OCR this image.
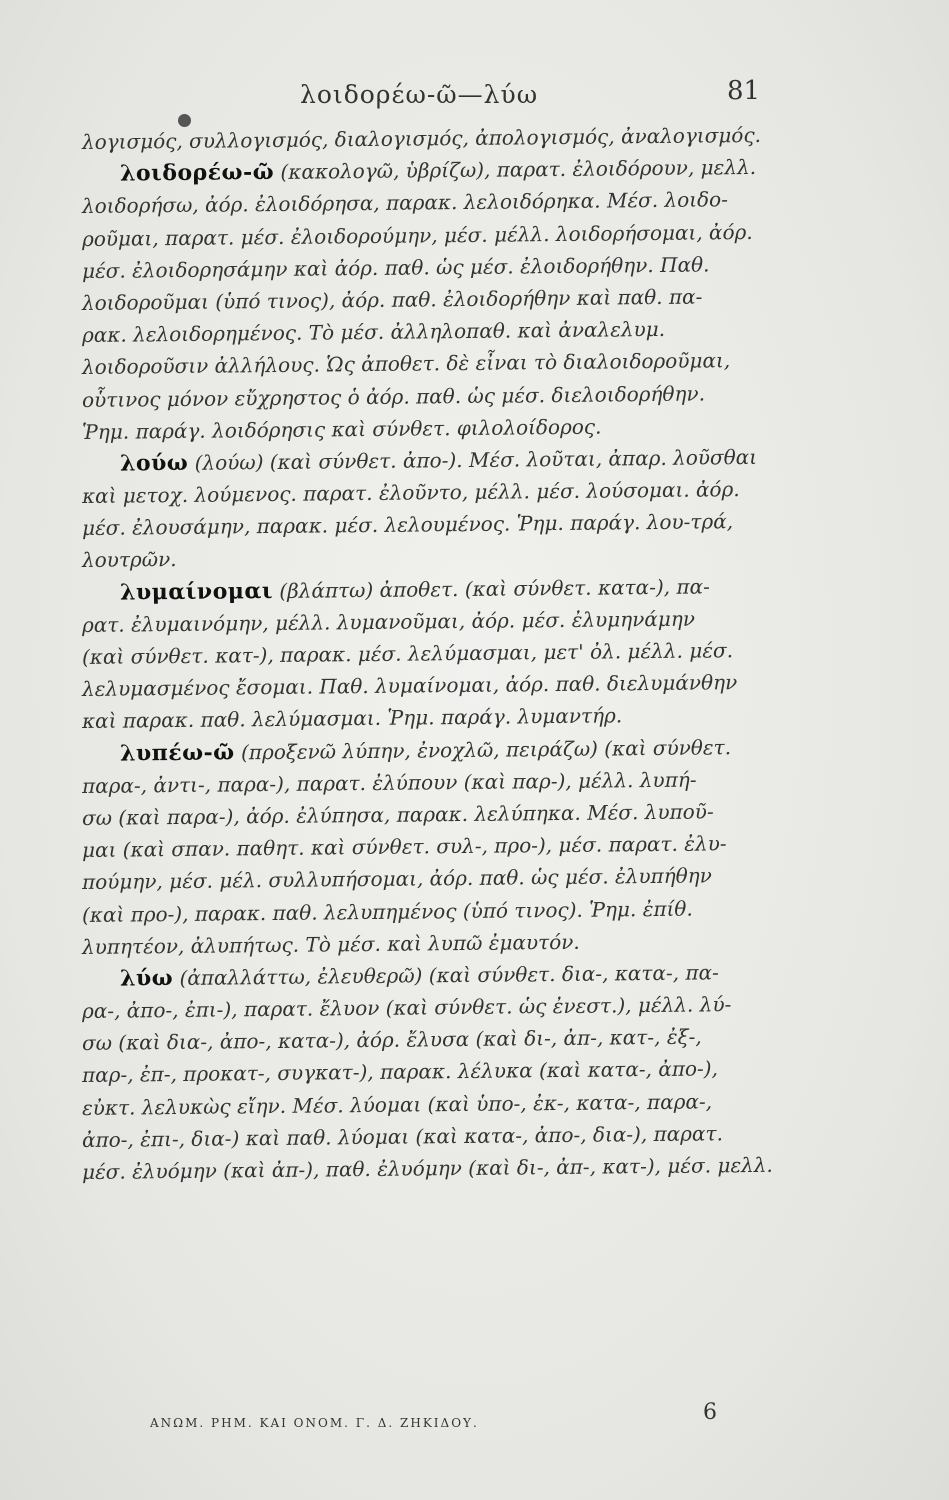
λοιδορέω-ῶ—λύω	81
λογισμός, συλλογισμός, διαλογισμός, ἀπολογισμός, ἀναλογισμός.
λοιδορέω-ῶ (κακολογῶ, ὑβρίζω), παρατ. ἐλοιδόρουν, μελλ.
λοιδορήσω, ἀόρ. ἐλοιδόρησα, παρακ. λελοιδόρηκα. Μέσ. λοιδο-
ροῦμαι, παρατ. μέσ. ἐλοιδορούμην, μέσ. μέλλ. λοιδορήσομαι, ἀόρ.
μέσ. ἐλοιδορησάμην καὶ ἀόρ. παθ. ὡς μέσ. ἐλοιδορήθην. Παθ.
λοιδοροῦμαι (ὑπό τινος), ἀόρ. παθ. ἐλοιδορήθην καὶ παθ. πα-
ρακ. λελοιδορημένος. Τὸ μέσ. ἀλληλοπαθ. καὶ ἀναλελυμ.
λοιδοροῦσιν ἀλλήλους. Ὡς ἀποθετ. δὲ εἶναι τὸ διαλοιδοροῦμαι,
οὗτινος μόνον εὔχρηστος ὁ ἀόρ. παθ. ὡς μέσ. διελοιδορήθην.
Ῥημ. παράγ. λοιδόρησις καὶ σύνθετ. φιλολοίδορος.
λούω (λούω) (καὶ σύνθετ. ἀπο-). Μέσ. λοῦται, ἀπαρ. λοῦσθαι
καὶ μετοχ. λούμενος. παρατ. ἐλοῦντο, μέλλ. μέσ. λούσομαι. ἀόρ.
μέσ. ἐλουσάμην, παρακ. μέσ. λελουμένος. Ῥημ. παράγ. λου-τρά,
λουτρῶν.
λυμαίνομαι (βλάπτω) ἀποθετ. (καὶ σύνθετ. κατα-), πα-
ρατ. ἐλυμαινόμην, μέλλ. λυμανοῦμαι, ἀόρ. μέσ. ἐλυμηνάμην
(καὶ σύνθετ. κατ-), παρακ. μέσ. λελύμασμαι, μετ' ὀλ. μέλλ. μέσ.
λελυμασμένος ἔσομαι. Παθ. λυμαίνομαι, ἀόρ. παθ. διελυμάνθην
καὶ παρακ. παθ. λελύμασμαι. Ῥημ. παράγ. λυμαντήρ.
λυπέω-ῶ (προξενῶ λύπην, ἐνοχλῶ, πειράζω) (καὶ σύνθετ.
παρα-, ἀντι-, παρα-), παρατ. ἐλύπουν (καὶ παρ-), μέλλ. λυπή-
σω (καὶ παρα-), ἀόρ. ἐλύπησα, παρακ. λελύπηκα. Μέσ. λυποῦ-
μαι (καὶ σπαν. παθητ. καὶ σύνθετ. συλ-, προ-), μέσ. παρατ. ἐλυ-
πούμην, μέσ. μέλ. συλλυπήσομαι, ἀόρ. παθ. ὡς μέσ. ἐλυπήθην
(καὶ προ-), παρακ. παθ. λελυπημένος (ὑπό τινος). Ῥημ. ἐπίθ.
λυπητέον, ἀλυπήτως. Τὸ μέσ. καὶ λυπῶ ἐμαυτόν.
λύω (ἀπαλλάττω, ἐλευθερῶ) (καὶ σύνθετ. δια-, κατα-, πα-
ρα-, ἀπο-, ἐπι-), παρατ. ἔλυον (καὶ σύνθετ. ὡς ἐνεστ.), μέλλ. λύ-
σω (καὶ δια-, ἀπο-, κατα-), ἀόρ. ἔλυσα (καὶ δι-, ἀπ-, κατ-, ἐξ-,
παρ-, ἐπ-, προκατ-, συγκατ-), παρακ. λέλυκα (καὶ κατα-, ἀπο-),
εὐκτ. λελυκὼς εἴην. Μέσ. λύομαι (καὶ ὑπο-, ἐκ-, κατα-, παρα-,
ἀπο-, ἐπι-, δια-) καὶ παθ. λύομαι (καὶ κατα-, ἀπο-, δια-), παρατ.
μέσ. ἐλυόμην (καὶ ἀπ-), παθ. ἐλυόμην (καὶ δι-, ἀπ-, κατ-), μέσ. μελλ.
ΑΝΩΜ. ΡΗΜ. ΚΑΙ ΟΝΟΜ. Γ. Δ. ΖΗΚΙΔΟΥ.	6
